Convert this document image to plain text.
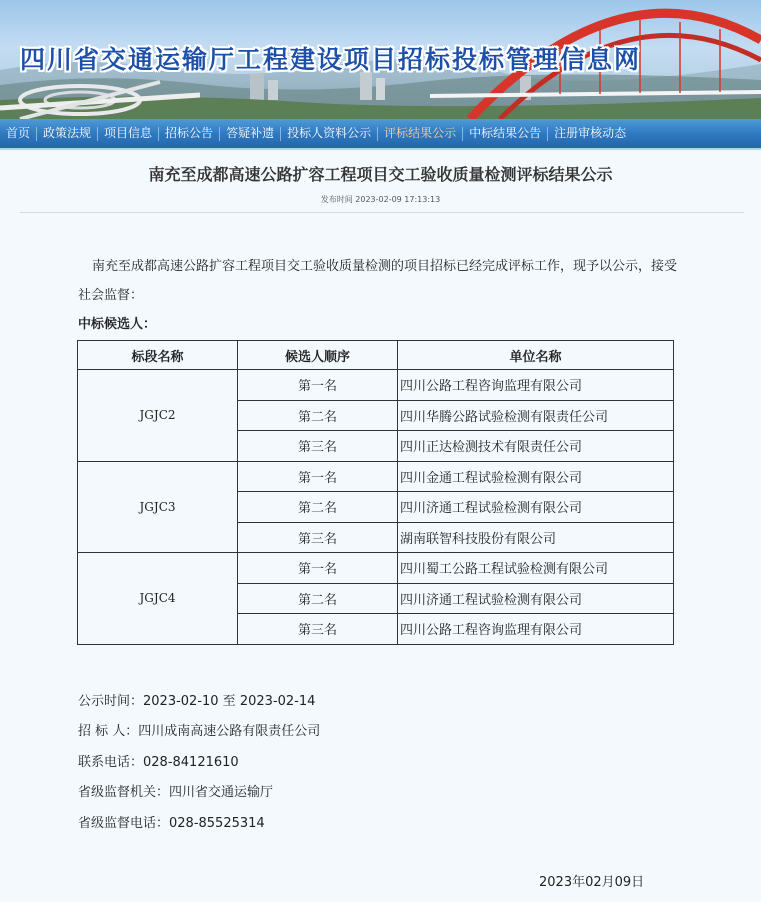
四川省交通运输厅工程建设项目招标投标管理信息网
首页	政策法规	项目信息	招标公告	答疑补遗	投标人资料公示	评标结果公示	中标结果公告	注册审核动态
南充至成都高速公路扩容工程项目交工验收质量检测评标结果公示
发布时间 2023-02-09 17:13:13
南充至成都高速公路扩容工程项目交工验收质量检测的项目招标已经完成评标工作，现予以公示，接受社会监督：
中标候选人：
标段名称	候选人顺序	单位名称
JGJC2	第一名	四川公路工程咨询监理有限公司
	第二名	四川华腾公路试验检测有限责任公司
	第三名	四川正达检测技术有限责任公司
JGJC3	第一名	四川金通工程试验检测有限公司
	第二名	四川济通工程试验检测有限公司
	第三名	湖南联智科技股份有限公司
JGJC4	第一名	四川蜀工公路工程试验检测有限公司
	第二名	四川济通工程试验检测有限公司
	第三名	四川公路工程咨询监理有限公司
公示时间：2023-02-10 至 2023-02-14
招 标 人：四川成南高速公路有限责任公司
联系电话：028-84121610
省级监督机关：四川省交通运输厅
省级监督电话：028-85525314
2023年02月09日
